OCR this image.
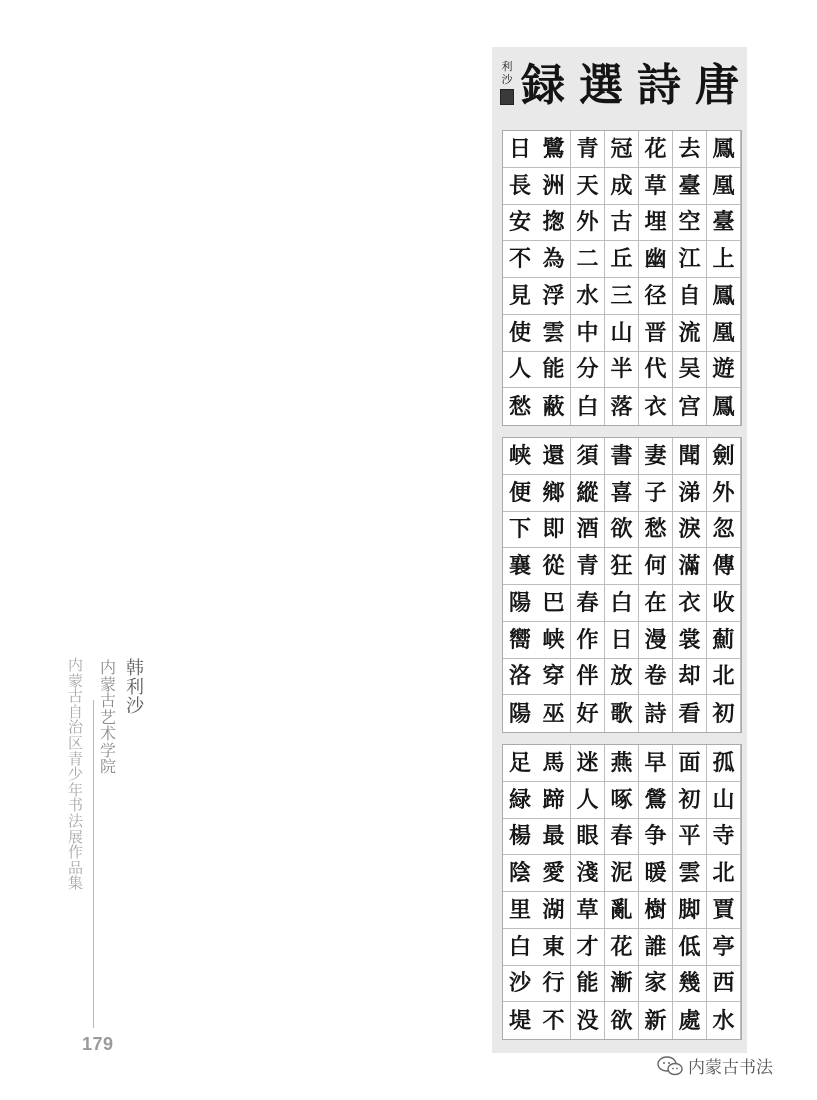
内
蒙
古
自
治
区
青
少
年
书
法
展
作
品
集
内
蒙
古
艺
术
学
院
韩
利
沙
179
唐
詩
選
録
利
沙
鳳
去
花
冠
青
鷺
日
凰
臺
草
成
天
洲
長
臺
空
埋
古
外
揔
安
上
江
幽
丘
二
為
不
鳳
自
径
三
水
浮
見
凰
流
晋
山
中
雲
使
遊
吴
代
半
分
能
人
鳳
宫
衣
落
白
蔽
愁
劍
聞
妻
書
須
還
峡
外
涕
子
喜
縱
鄉
便
忽
淚
愁
欲
酒
即
下
傳
滿
何
狂
青
從
襄
收
衣
在
白
春
巴
陽
薊
裳
漫
日
作
峡
嚮
北
却
卷
放
伴
穿
洛
初
看
詩
歌
好
巫
陽
孤
面
早
燕
迷
馬
足
山
初
鶯
啄
人
蹄
緑
寺
平
争
春
眼
最
楊
北
雲
暖
泥
淺
愛
陰
賈
脚
樹
亂
草
湖
里
亭
低
誰
花
才
東
白
西
幾
家
漸
能
行
沙
水
處
新
欲
没
不
堤
内蒙古书法
